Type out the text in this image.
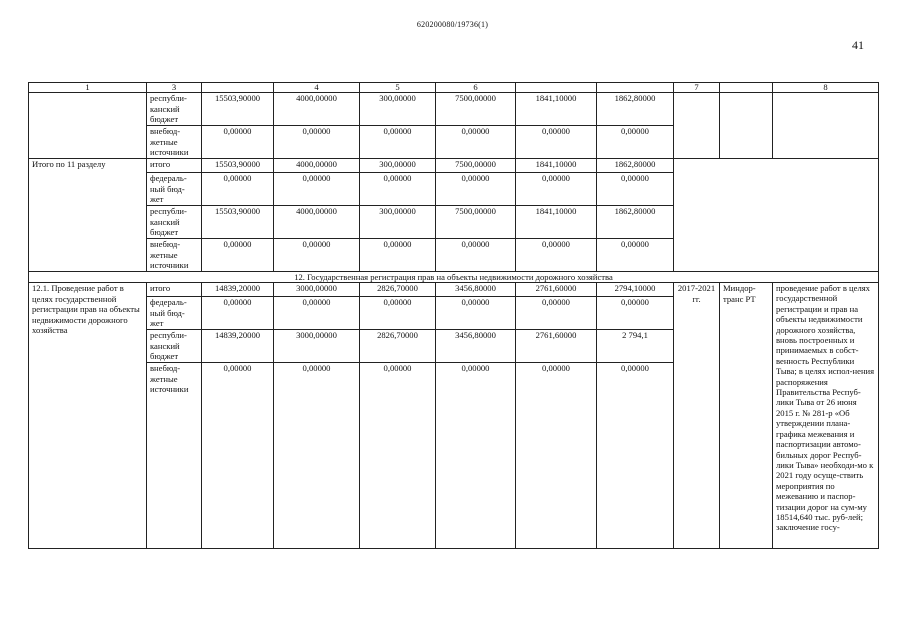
620200080/19736(1)
41
1	3		4	5	6			7		8
	республи-канский бюджет	15503,90000	4000,00000	300,00000	7500,00000	1841,10000	1862,80000			
	внебюд-жетные источники	0,00000	0,00000	0,00000	0,00000	0,00000	0,00000			
Итого по 11 разделу	итого	15503,90000	4000,00000	300,00000	7500,00000	1841,10000	1862,80000			
	федераль-ный бюд-жет	0,00000	0,00000	0,00000	0,00000	0,00000	0,00000			
	республи-канский бюджет	15503,90000	4000,00000	300,00000	7500,00000	1841,10000	1862,80000			
	внебюд-жетные источники	0,00000	0,00000	0,00000	0,00000	0,00000	0,00000			
12. Государственная регистрация прав на объекты недвижимости дорожного хозяйства										
12.1. Проведение работ в целях государственной регистрации прав на объекты недвижимости дорожного хозяйства	итого	14839,20000	3000,00000	2826,70000	3456,80000	2761,60000	2794,10000	2017-2021 гг.	Миндор-транс РТ	проведение работ в целях государственной регистрации и прав на объекты недвижимости дорожного хозяйства, вновь построенных и принимаемых в собст-венность Республики Тыва; в целях испол-нения распоряжения Правительства Респуб-лики Тыва от 26 июня 2015 г. № 281-р «Об утверждении плана-графика межевания и паспортизации автомо-бильных дорог Респуб-лики Тыва» необходи-мо к 2021 году осуще-ствить мероприятия по межеванию и паспор-тизации дорог на сум-му 18514,640 тыс. руб-лей; заключение госу-
	федераль-ный бюд-жет	0,00000	0,00000	0,00000	0,00000	0,00000	0,00000			
	республи-канский бюджет	14839,20000	3000,00000	2826,70000	3456,80000	2761,60000	2 794,1			
	внебюд-жетные источники	0,00000	0,00000	0,00000	0,00000	0,00000	0,00000			
